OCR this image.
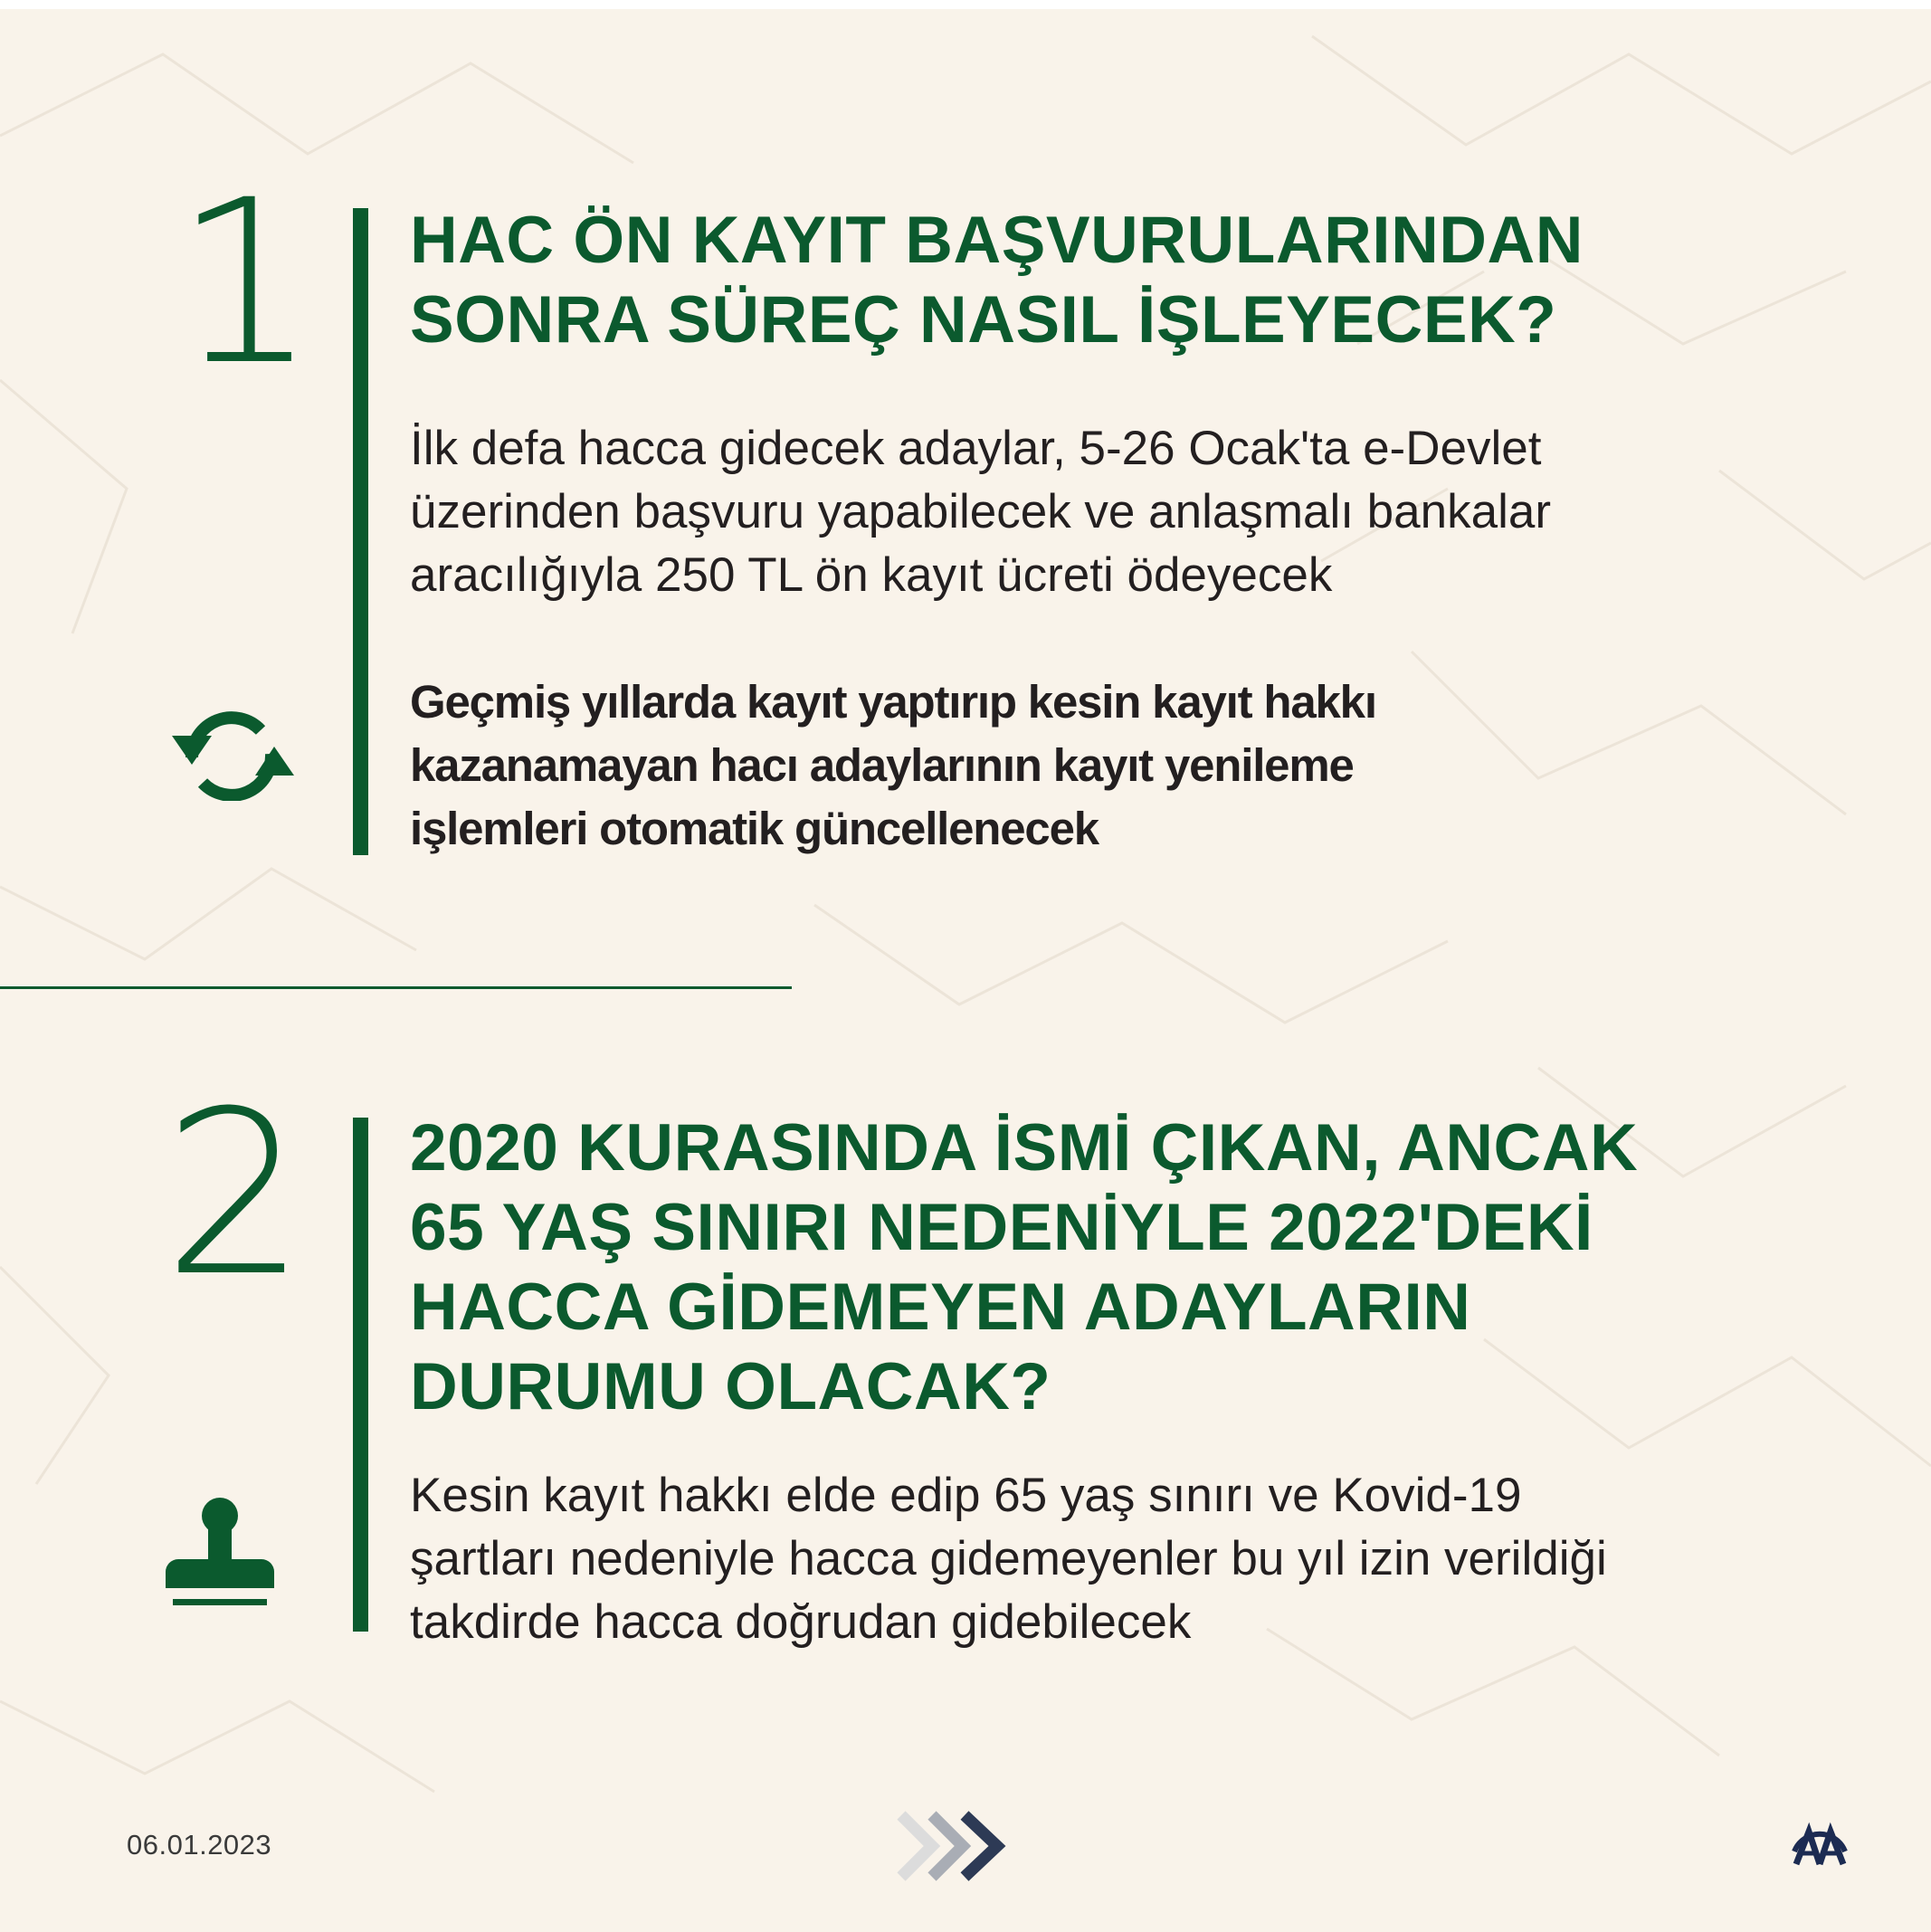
1 HAC ÖN KAYIT BAŞVURULARINDAN
SONRA SÜREÇ NASIL İŞLEYECEK?
İlk defa hacca gidecek adaylar, 5-26 Ocak'ta e-Devlet
üzerinden başvuru yapabilecek ve anlaşmalı bankalar
aracılığıyla 250 TL ön kayıt ücreti ödeyecek
Geçmiş yıllarda kayıt yaptırıp kesin kayıt hakkı
kazanamayan hacı adaylarının kayıt yenileme
işlemleri otomatik güncellenecek
2 2020 KURASINDA İSMİ ÇIKAN, ANCAK
65 YAŞ SINIRI NEDENİYLE 2022'DEKİ
HACCA GİDEMEYEN ADAYLARIN
DURUMU OLACAK?
Kesin kayıt hakkı elde edip 65 yaş sınırı ve Kovid-19
şartları nedeniyle hacca gidemeyenler bu yıl izin verildiği
takdirde hacca doğrudan gidebilecek
06.01.2023
